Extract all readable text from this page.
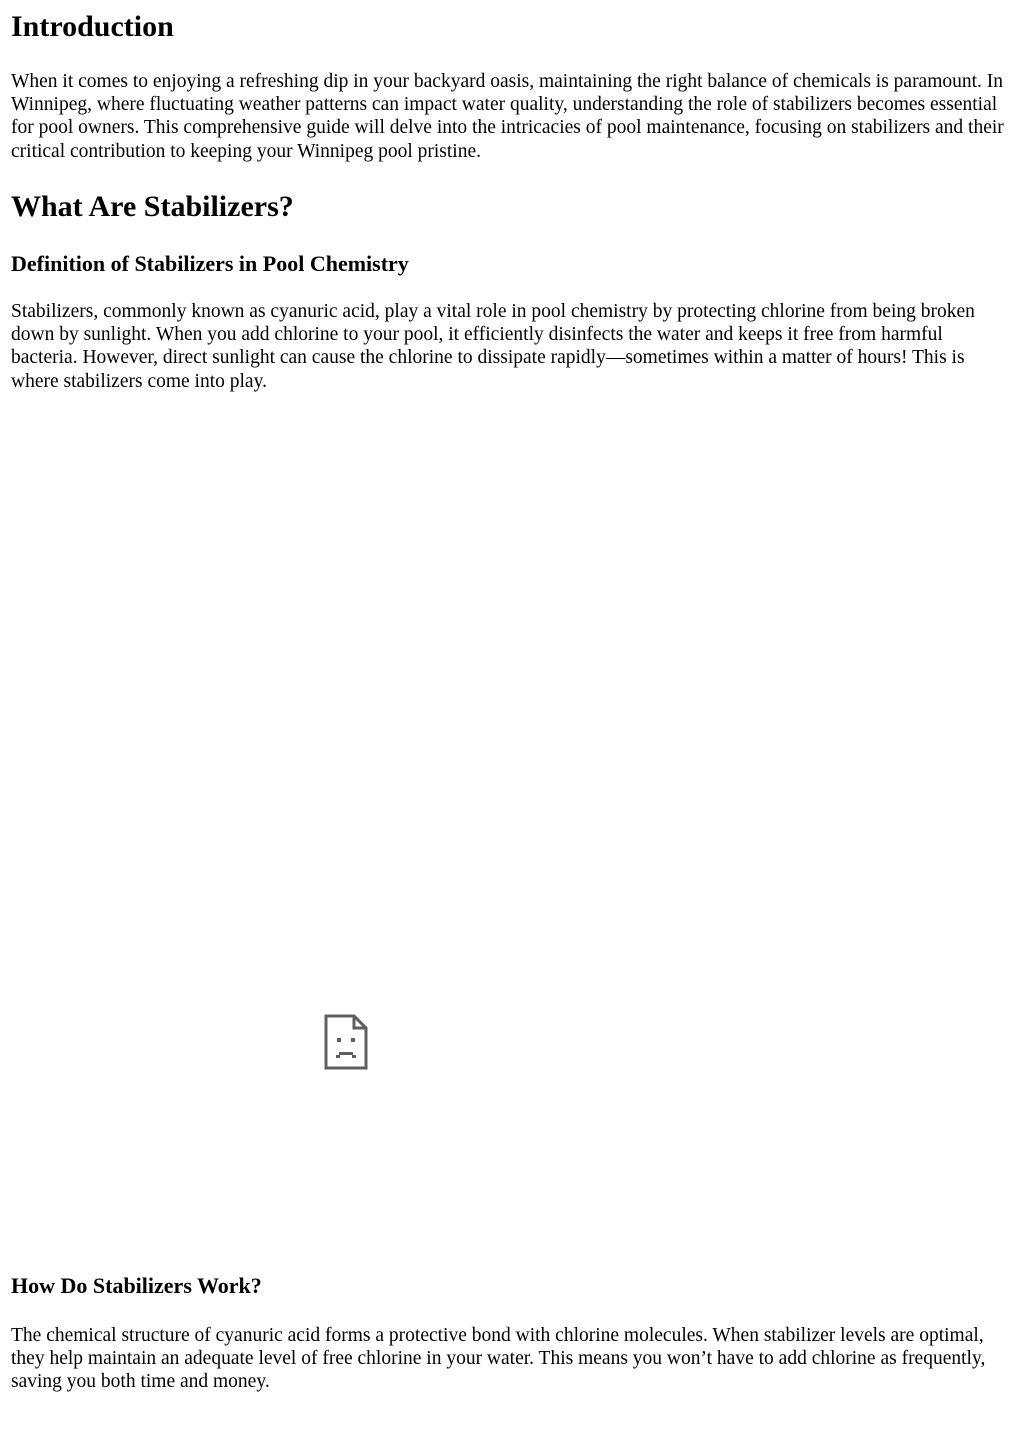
Introduction

When it comes to enjoying a refreshing dip in your backyard oasis, maintaining the right balance of chemicals is paramount. In Winnipeg, where fluctuating weather patterns can impact water quality, understanding the role of stabilizers becomes essential for pool owners. This comprehensive guide will delve into the intricacies of pool maintenance, focusing on stabilizers and their critical contribution to keeping your Winnipeg pool pristine.

What Are Stabilizers?
Definition of Stabilizers in Pool Chemistry

Stabilizers, commonly known as cyanuric acid, play a vital role in pool chemistry by protecting chlorine from being broken down by sunlight. When you add chlorine to your pool, it efficiently disinfects the water and keeps it free from harmful bacteria. However, direct sunlight can cause the chlorine to dissipate rapidly—sometimes within a matter of hours! This is where stabilizers come into play.

How Do Stabilizers Work?

The chemical structure of cyanuric acid forms a protective bond with chlorine molecules. When stabilizer levels are optimal, they help maintain an adequate level of free chlorine in your water. This means you won’t have to add chlorine as frequently, saving you both time and money.
